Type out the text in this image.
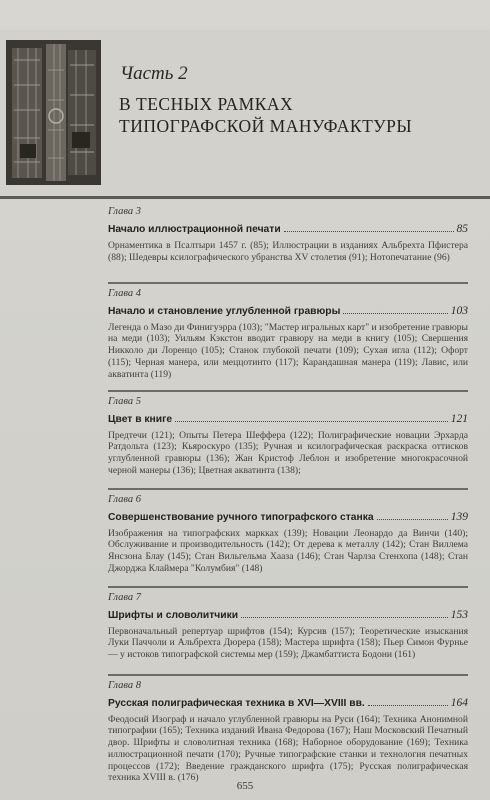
Часть 2
В ТЕСНЫХ РАМКАХ ТИПОГРАФСКОЙ МАНУФАКТУРЫ
Глава 3
Начало иллюстрационной печати	85
Орнаментика в Псалтыри 1457 г. (85); Иллюстрации в изданиях Альбрехта Пфистера (88); Шедевры ксилографического убранства XV столетия (91); Нотопечатание (96)
Глава 4
Начало и становление углубленной гравюры	103
Легенда о Мазо ди Финигуэрра (103); "Мастер игральных карт" и изобретение гравюры на меди (103); Уильям Кэкстон вводит гравюру на меди в книгу (105); Свершения Никколо ди Лоренцо (105); Станок глубокой печати (109); Сухая игла (112); Офорт (115); Черная манера, или меццотинто (117); Карандашная манера (119); Лавис, или акватинта (119)
Глава 5
Цвет в книге	121
Предтечи (121); Опыты Петера Шеффера (122); Полиграфические новации Эрхарда Ратдольта (123); Кьяроскуро (135); Ручная и ксилографическая раскраска оттисков углубленной гравюры (136); Жан Кристоф Леблон и изобретение многокрасочной черной манеры (136); Цветная акватинта (138);
Глава 6
Совершенствование ручного типографского станка	139
Изображения на типографских маркках (139); Новации Леонардо да Винчи (140); Обслуживание и производительность (142); От дерева к металлу (142); Стан Виллема Янсзона Блау (145); Стан Вильгельма Хааза (146); Стан Чарлза Стенхопа (148); Стан Джорджа Клаймера "Колумбия" (148)
Глава 7
Шрифты и словолитчики	153
Первоначальный репертуар шрифтов (154); Курсив (157); Теоретические изыскания Луки Паччоли и Альбрехта Дюрера (158); Мастера шрифта (158); Пьер Симон Фурнье — у истоков типографской системы мер (159); Джамбаттиста Бодони (161)
Глава 8
Русская полиграфическая техника в XVI—XVIII вв.	164
Феодосий Изограф и начало углубленной гравюры на Руси (164); Техника Анонимной типографии (165); Техника изданий Ивана Федорова (167); Наш Московский Печатный двор. Шрифты и словолитная техника (168); Наборное оборудование (169); Техника иллюстрационной печати (170); Ручные типографские станки и технология печатных процессов (172); Введение гражданского шрифта (175); Русская полиграфическая техника XVIII в. (176)
655
